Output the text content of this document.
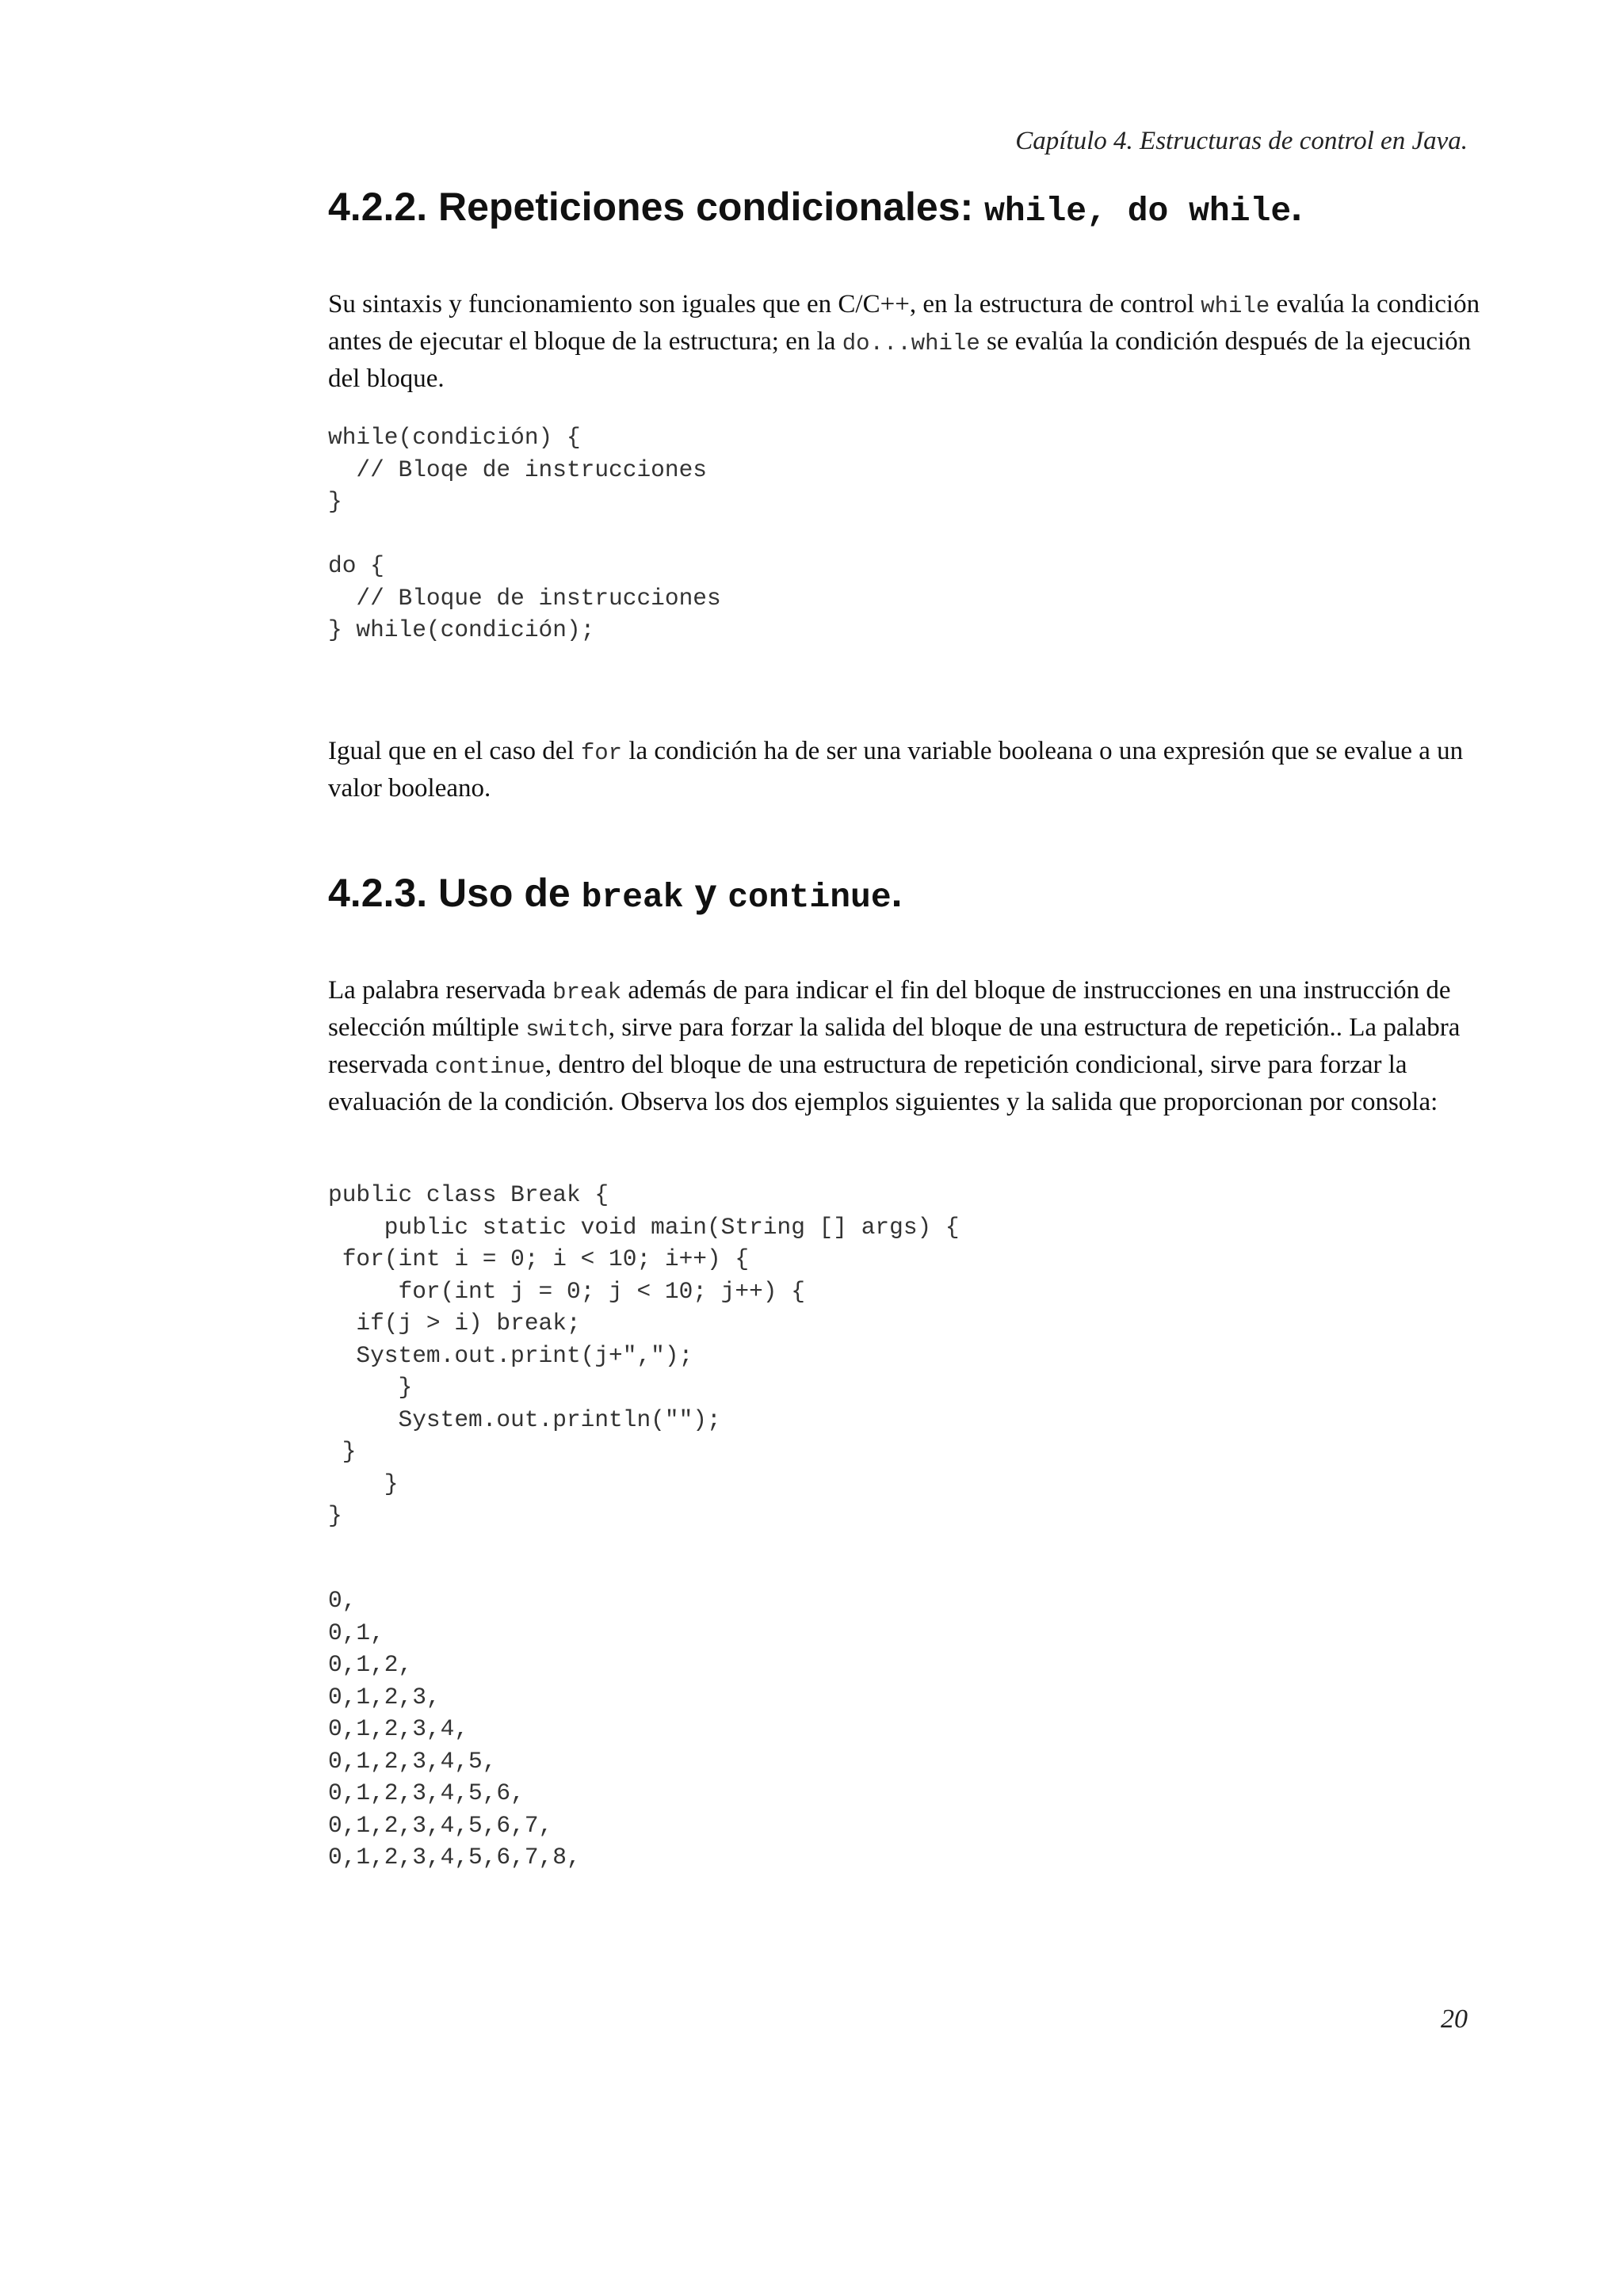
Capítulo 4. Estructuras de control en Java.
4.2.2. Repeticiones condicionales: while, do while.
Su sintaxis y funcionamiento son iguales que en C/C++, en la estructura de control while evalúa la condición antes de ejecutar el bloque de la estructura; en la do...while se evalúa la condición después de la ejecución del bloque.
while(condición) {
// Bloqe de instrucciones
}

do {
// Bloque de instrucciones
} while(condición);
Igual que en el caso del for la condición ha de ser una variable booleana o una expresión que se evalue a un valor booleano.
4.2.3. Uso de break y continue.
La palabra reservada break además de para indicar el fin del bloque de instrucciones en una instrucción de selección múltiple switch, sirve para forzar la salida del bloque de una estructura de repetición.. La palabra reservada continue, dentro del bloque de una estructura de repetición condicional, sirve para forzar la evaluación de la condición. Observa los dos ejemplos siguientes y la salida que proporcionan por consola:
public class Break {
public static void main(String [] args) {
for(int i = 0; i < 10; i++) {
for(int j = 0; j < 10; j++) {
if(j > i) break;
System.out.print(j+",");
}
System.out.println("");
}
}
}
0,
0,1,
0,1,2,
0,1,2,3,
0,1,2,3,4,
0,1,2,3,4,5,
0,1,2,3,4,5,6,
0,1,2,3,4,5,6,7,
0,1,2,3,4,5,6,7,8,
20
